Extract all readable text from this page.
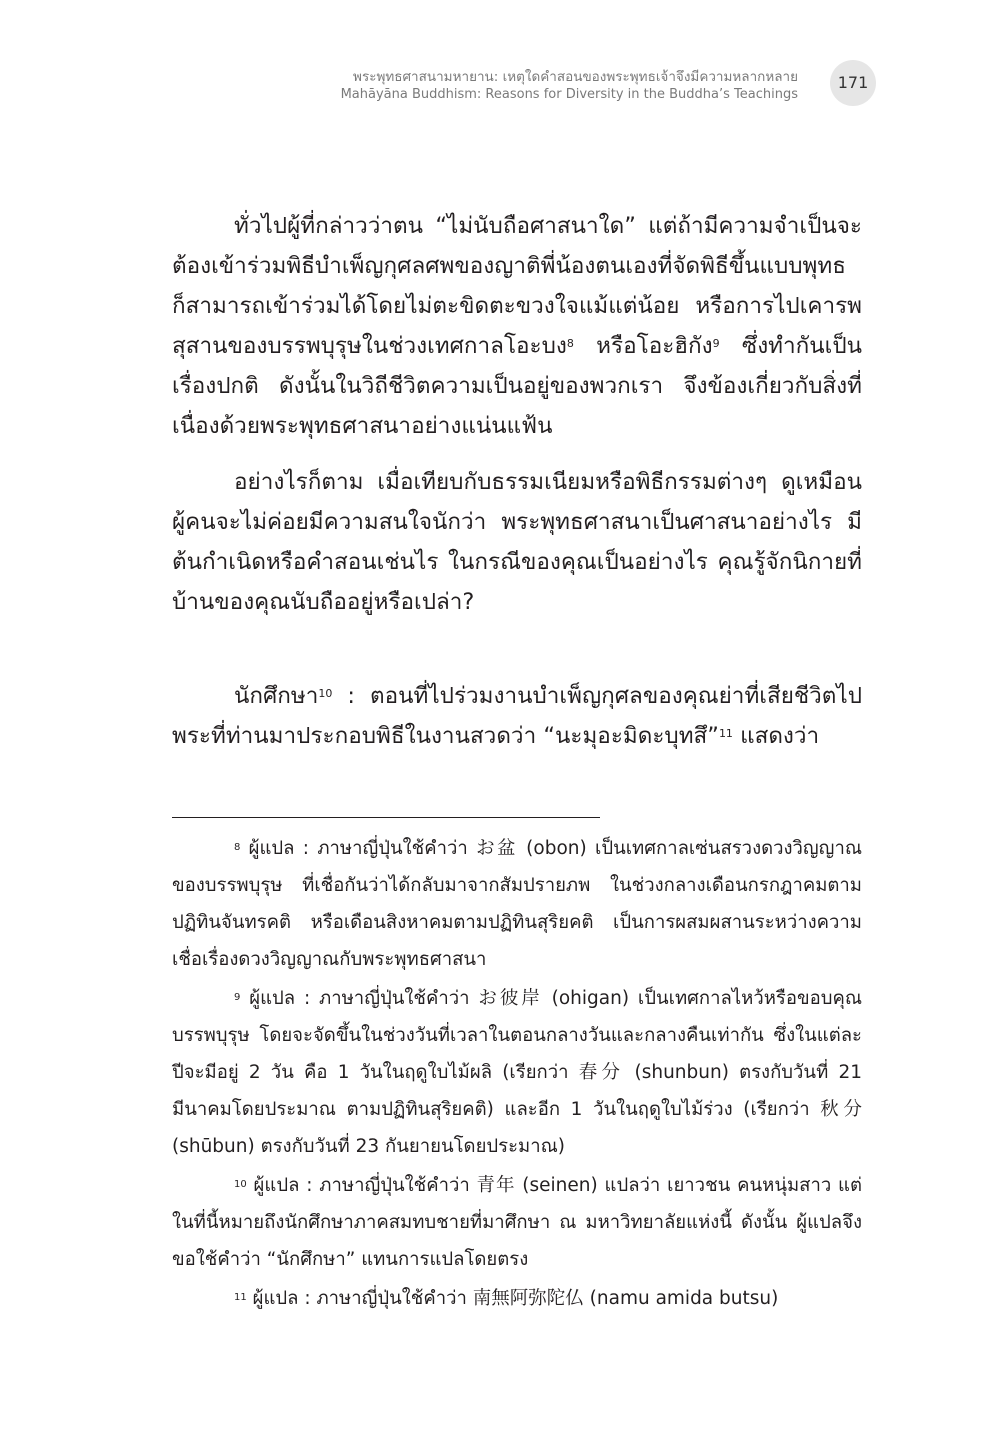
พระพุทธศาสนามหายาน: เหตุใดคำสอนของพระพุทธเจ้าจึงมีความหลากหลาย
Mahāyāna Buddhism: Reasons for Diversity in the Buddha’s Teachings
171

ทั่วไปผู้ที่กล่าวว่าตน “ไม่นับถือศาสนาใด” แต่ถ้ามีความจำเป็นจะต้องเข้าร่วมพิธีบำเพ็ญกุศลศพของญาติพี่น้องตนเองที่จัดพิธีขึ้นแบบพุทธ ก็สามารถเข้าร่วมได้โดยไม่ตะขิดตะขวงใจแม้แต่น้อย หรือการไปเคารพสุสานของบรรพบุรุษในช่วงเทศกาลโอะบง$^8$ หรือโอะฮิกัง$^9$ ซึ่งทำกันเป็นเรื่องปกติ ดังนั้นในวิถีชีวิตความเป็นอยู่ของพวกเรา จึงข้องเกี่ยวกับสิ่งที่เนื่องด้วยพระพุทธศาสนาอย่างแน่นแฟ้น

อย่างไรก็ตาม เมื่อเทียบกับธรรมเนียมหรือพิธีกรรมต่างๆ ดูเหมือนผู้คนจะไม่ค่อยมีความสนใจนักว่า พระพุทธศาสนาเป็นศาสนาอย่างไร มีต้นกำเนิดหรือคำสอนเช่นไร ในกรณีของคุณเป็นอย่างไร คุณรู้จักนิกายที่บ้านของคุณนับถืออยู่หรือเปล่า?

นักศึกษา$^{10}$ : ตอนที่ไปร่วมงานบำเพ็ญกุศลของคุณย่าที่เสียชีวิตไปพระที่ท่านมาประกอบพิธีในงานสวดว่า “นะมุอะมิดะบุทสึ”$^{11}$ แสดงว่า

$^8$ ผู้แปล : ภาษาญี่ปุ่นใช้คำว่า お盆 (obon) เป็นเทศกาลเซ่นสรวงดวงวิญญาณของบรรพบุรุษ ที่เชื่อกันว่าได้กลับมาจากสัมปรายภพ ในช่วงกลางเดือนกรกฎาคมตามปฏิทินจันทรคติ หรือเดือนสิงหาคมตามปฏิทินสุริยคติ เป็นการผสมผสานระหว่างความเชื่อเรื่องดวงวิญญาณกับพระพุทธศาสนา

$^9$ ผู้แปล : ภาษาญี่ปุ่นใช้คำว่า お彼岸 (ohigan) เป็นเทศกาลไหว้หรือขอบคุณบรรพบุรุษ โดยจะจัดขึ้นในช่วงวันที่เวลาในตอนกลางวันและกลางคืนเท่ากัน ซึ่งในแต่ละปีจะมีอยู่ 2 วัน คือ 1 วันในฤดูใบไม้ผลิ (เรียกว่า 春分 (shunbun) ตรงกับวันที่ 21 มีนาคมโดยประมาณ ตามปฏิทินสุริยคติ) และอีก 1 วันในฤดูใบไม้ร่วง (เรียกว่า 秋分 (shūbun) ตรงกับวันที่ 23 กันยายนโดยประมาณ)

$^{10}$ ผู้แปล : ภาษาญี่ปุ่นใช้คำว่า 青年 (seinen) แปลว่า เยาวชน คนหนุ่มสาว แต่ในที่นี้หมายถึงนักศึกษาภาคสมทบชายที่มาศึกษา ณ มหาวิทยาลัยแห่งนี้ ดังนั้น ผู้แปลจึงขอใช้คำว่า “นักศึกษา” แทนการแปลโดยตรง

$^{11}$ ผู้แปล : ภาษาญี่ปุ่นใช้คำว่า 南無阿弥陀仏 (namu amida butsu)
